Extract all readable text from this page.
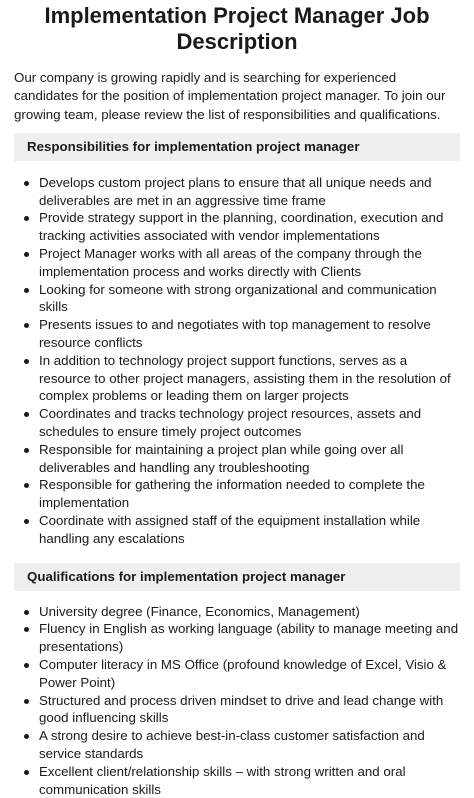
Implementation Project Manager Job Description

Our company is growing rapidly and is searching for experienced candidates for the position of implementation project manager. To join our growing team, please review the list of responsibilities and qualifications.

Responsibilities for implementation project manager
Develops custom project plans to ensure that all unique needs and deliverables are met in an aggressive time frame
Provide strategy support in the planning, coordination, execution and tracking activities associated with vendor implementations
Project Manager works with all areas of the company through the implementation process and works directly with Clients
Looking for someone with strong organizational and communication skills
Presents issues to and negotiates with top management to resolve resource conflicts
In addition to technology project support functions, serves as a resource to other project managers, assisting them in the resolution of complex problems or leading them on larger projects
Coordinates and tracks technology project resources, assets and schedules to ensure timely project outcomes
Responsible for maintaining a project plan while going over all deliverables and handling any troubleshooting
Responsible for gathering the information needed to complete the implementation
Coordinate with assigned staff of the equipment installation while handling any escalations
Qualifications for implementation project manager
University degree (Finance, Economics, Management)
Fluency in English as working language (ability to manage meeting and presentations)
Computer literacy in MS Office (profound knowledge of Excel, Visio & Power Point)
Structured and process driven mindset to drive and lead change with good influencing skills
A strong desire to achieve best-in-class customer satisfaction and service standards
Excellent client/relationship skills – with strong written and oral communication skills
